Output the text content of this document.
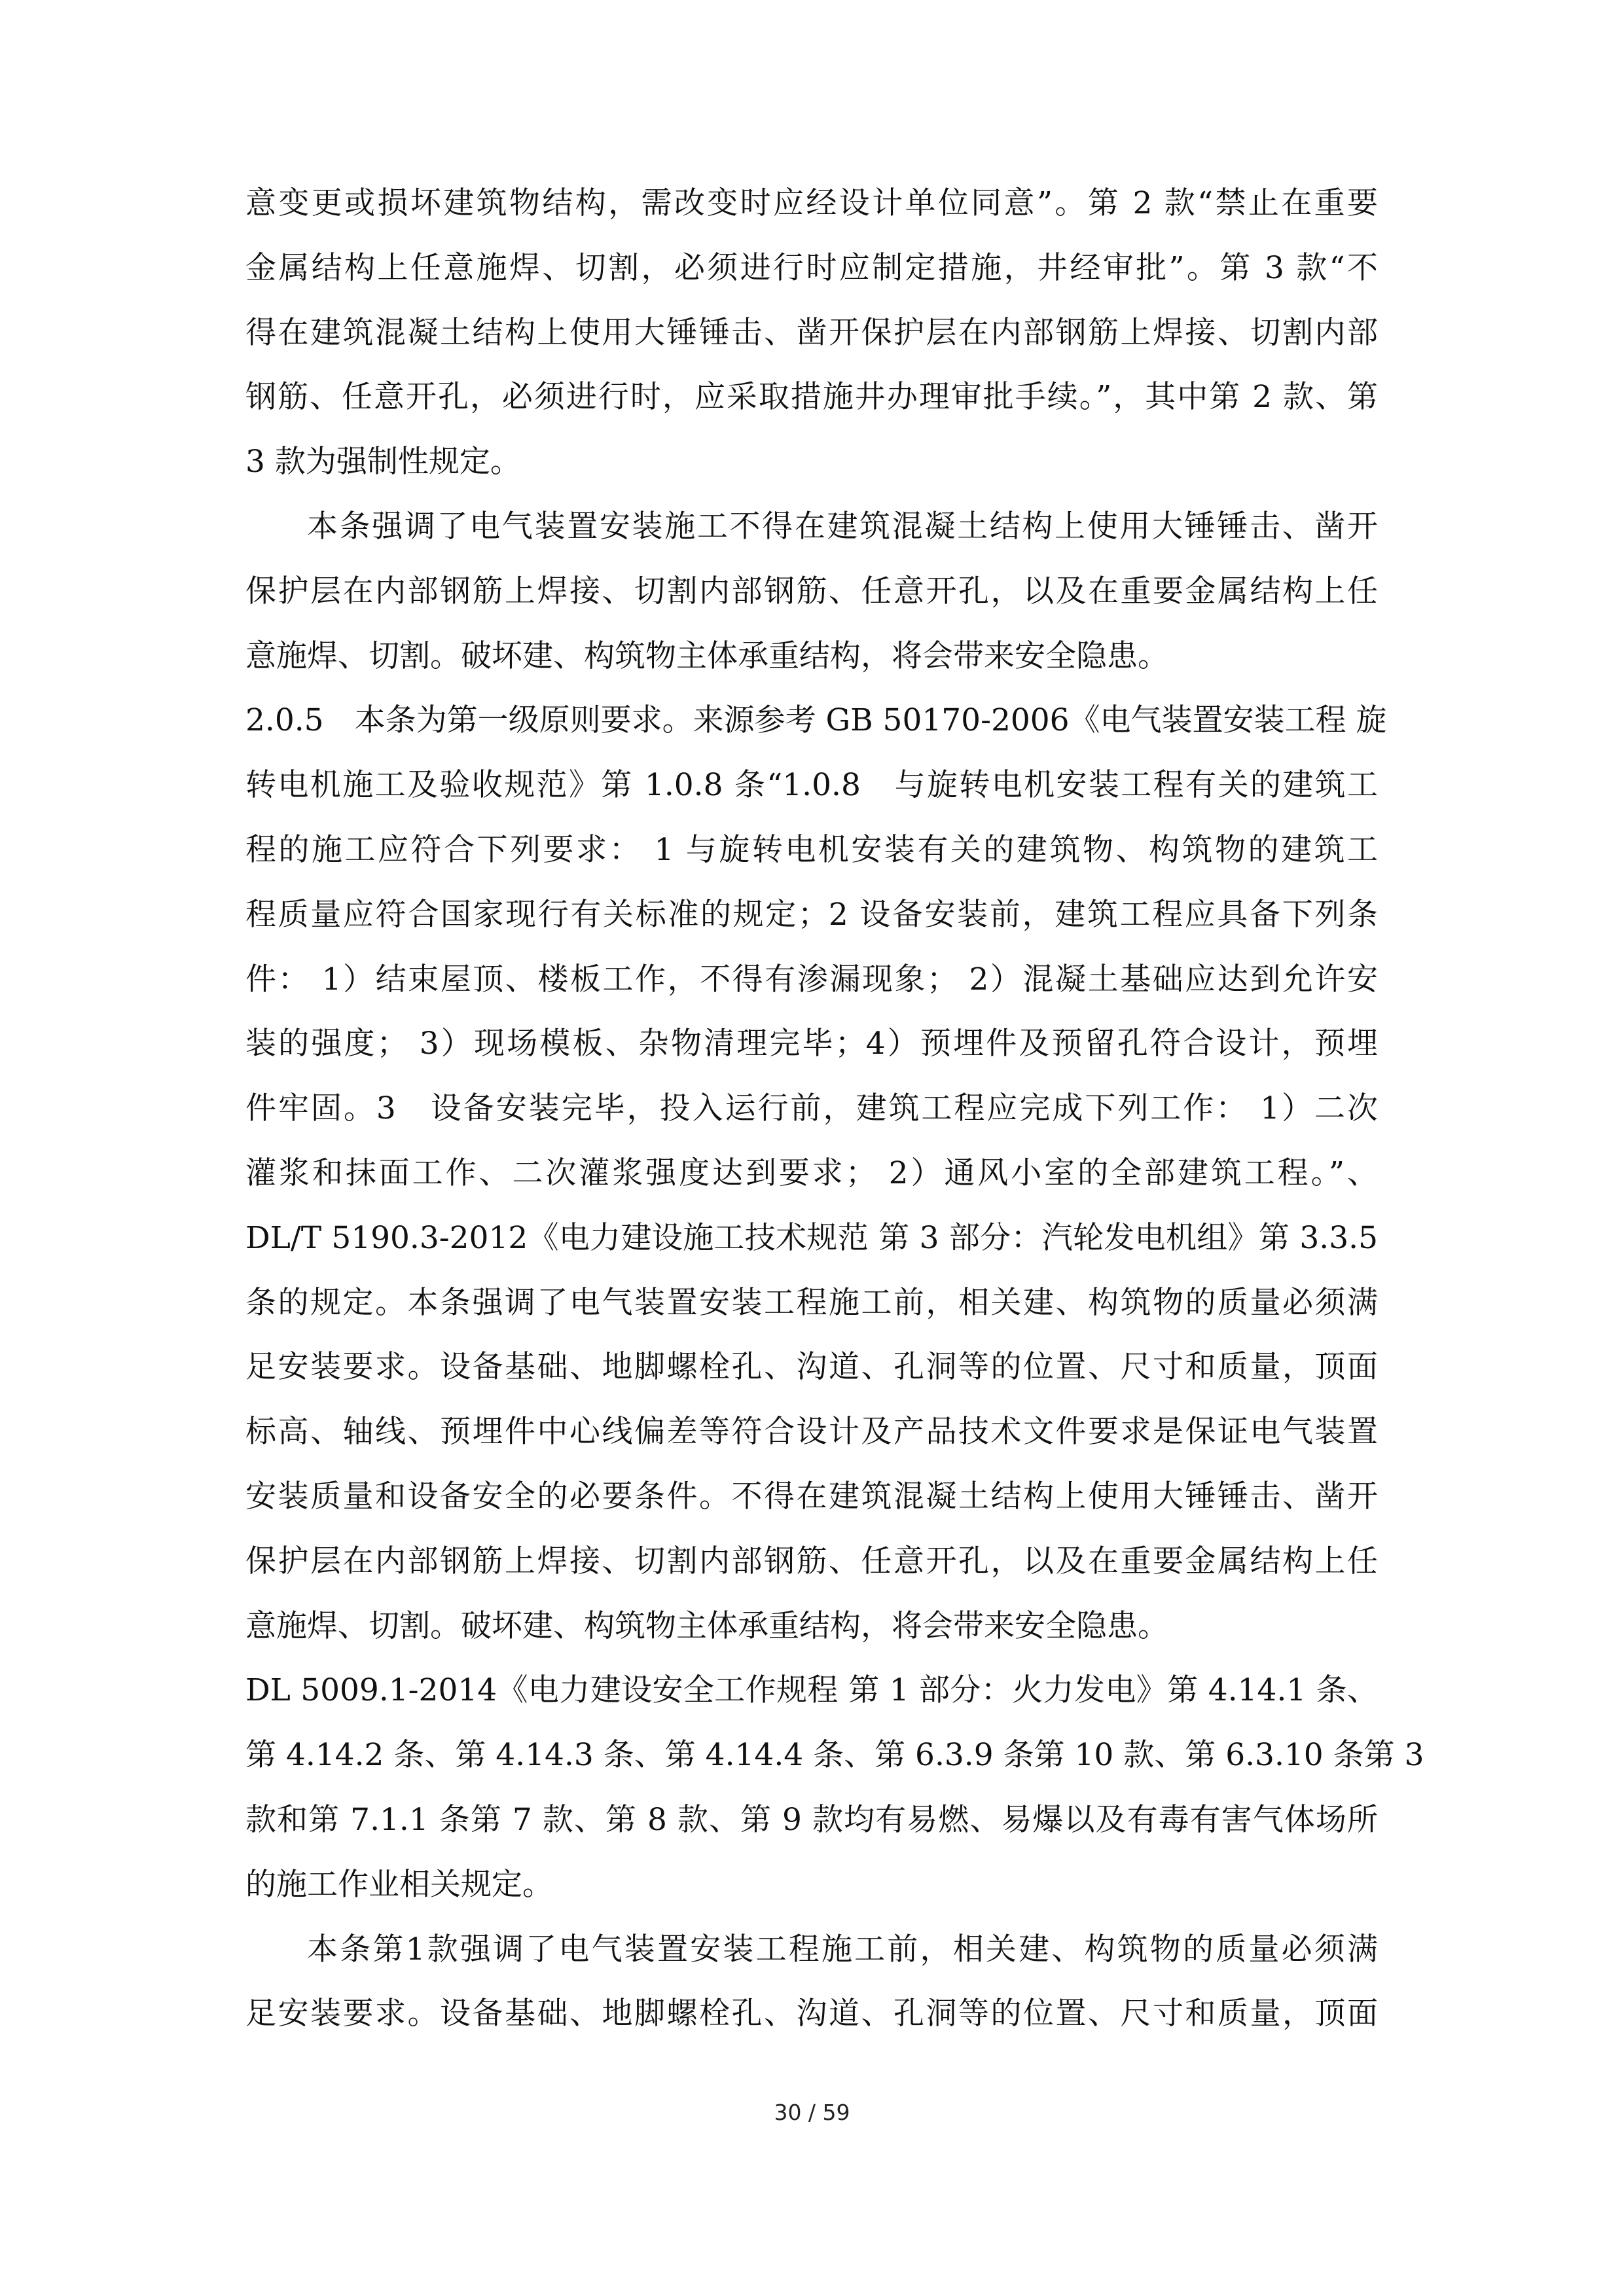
意变更或损坏建筑物结构，需改变时应经设计单位同意”。第 2 款“禁止在重要
金属结构上任意施焊、切割，必须进行时应制定措施，井经审批”。第 3 款“不
得在建筑混凝土结构上使用大锤锤击、凿开保护层在内部钢筋上焊接、切割内部
钢筋、任意开孔，必须进行时，应采取措施井办理审批手续。”，其中第 2 款、第
3 款为强制性规定。
本条强调了电气装置安装施工不得在建筑混凝土结构上使用大锤锤击、凿开
保护层在内部钢筋上焊接、切割内部钢筋、任意开孔，以及在重要金属结构上任
意施焊、切割。破坏建、构筑物主体承重结构，将会带来安全隐患。
2.0.5　本条为第一级原则要求。来源参考 GB 50170-2006《电气装置安装工程 旋
转电机施工及验收规范》第 1.0.8 条“1.0.8　与旋转电机安装工程有关的建筑工
程的施工应符合下列要求： 1 与旋转电机安装有关的建筑物、构筑物的建筑工
程质量应符合国家现行有关标准的规定；2 设备安装前，建筑工程应具备下列条
件： 1）结束屋顶、楼板工作，不得有渗漏现象； 2）混凝土基础应达到允许安
装的强度； 3）现场模板、杂物清理完毕；4）预埋件及预留孔符合设计，预埋
件牢固。3　设备安装完毕，投入运行前，建筑工程应完成下列工作： 1）二次
灌浆和抹面工作、二次灌浆强度达到要求； 2）通风小室的全部建筑工程。”、
DL/T 5190.3-2012《电力建设施工技术规范 第 3 部分：汽轮发电机组》第 3.3.5
条的规定。本条强调了电气装置安装工程施工前，相关建、构筑物的质量必须满
足安装要求。设备基础、地脚螺栓孔、沟道、孔洞等的位置、尺寸和质量，顶面
标高、轴线、预埋件中心线偏差等符合设计及产品技术文件要求是保证电气装置
安装质量和设备安全的必要条件。不得在建筑混凝土结构上使用大锤锤击、凿开
保护层在内部钢筋上焊接、切割内部钢筋、任意开孔，以及在重要金属结构上任
意施焊、切割。破坏建、构筑物主体承重结构，将会带来安全隐患。
DL 5009.1-2014《电力建设安全工作规程 第 1 部分：火力发电》第 4.14.1 条、
第 4.14.2 条、第 4.14.3 条、第 4.14.4 条、第 6.3.9 条第 10 款、第 6.3.10 条第 3
款和第 7.1.1 条第 7 款、第 8 款、第 9 款均有易燃、易爆以及有毒有害气体场所
的施工作业相关规定。
本条第1款强调了电气装置安装工程施工前，相关建、构筑物的质量必须满
足安装要求。设备基础、地脚螺栓孔、沟道、孔洞等的位置、尺寸和质量，顶面
30 / 59
